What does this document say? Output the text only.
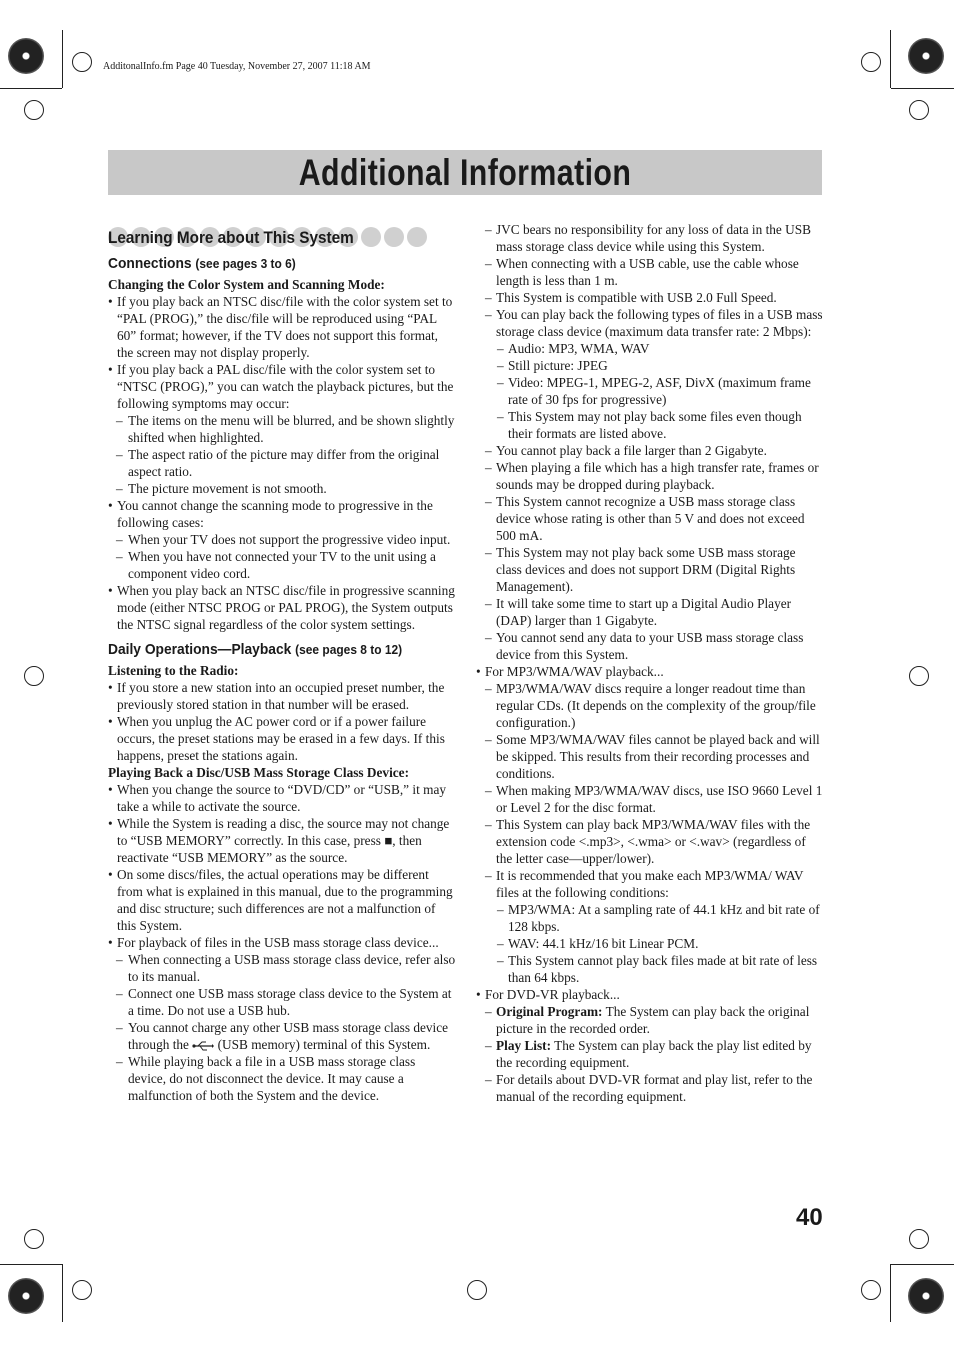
AdditonalInfo.fm Page 40 Tuesday, November 27, 2007 11:18 AM
Additional Information
Learning More about This System
Connections (see pages 3 to 6)

Changing the Color System and Scanning Mode:

• If you play back an NTSC disc/file with the color system set to “PAL (PROG),” the disc/file will be reproduced using “PAL 60” format; however, if the TV does not support this format, the screen may not display properly.

• If you play back a PAL disc/file with the color system set to “NTSC (PROG),” you can watch the playback pictures, but the following symptoms may occur:

– The items on the menu will be blurred, and be shown slightly shifted when highlighted.

– The aspect ratio of the picture may differ from the original aspect ratio.

– The picture movement is not smooth.

• You cannot change the scanning mode to progressive in the following cases:

– When your TV does not support the progressive video input.

– When you have not connected your TV to the unit using a component video cord.

• When you play back an NTSC disc/file in progressive scanning mode (either NTSC PROG or PAL PROG), the System outputs the NTSC signal regardless of the color system settings.

Daily Operations—Playback (see pages 8 to 12)

Listening to the Radio:

• If you store a new station into an occupied preset number, the previously stored station in that number will be erased.

• When you unplug the AC power cord or if a power failure occurs, the preset stations may be erased in a few days. If this happens, preset the stations again.

Playing Back a Disc/USB Mass Storage Class Device:

• When you change the source to “DVD/CD” or “USB,” it may take a while to activate the source.

• While the System is reading a disc, the source may not change to “USB MEMORY” correctly. In this case, press ■, then reactivate “USB MEMORY” as the source.

• On some discs/files, the actual operations may be different from what is explained in this manual, due to the programming and disc structure; such differences are not a malfunction of this System.

• For playback of files in the USB mass storage class device...

– When connecting a USB mass storage class device, refer also to its manual.

– Connect one USB mass storage class device to the System at a time. Do not use a USB hub.

– You cannot charge any other USB mass storage class device through the (USB memory) terminal of this System.

– While playing back a file in a USB mass storage class device, do not disconnect the device. It may cause a malfunction of both the System and the device.

– JVC bears no responsibility for any loss of data in the USB mass storage class device while using this System.

– When connecting with a USB cable, use the cable whose length is less than 1 m.

– This System is compatible with USB 2.0 Full Speed.

– You can play back the following types of files in a USB mass storage class device (maximum data transfer rate: 2 Mbps):

– Audio: MP3, WMA, WAV

– Still picture: JPEG

– Video: MPEG-1, MPEG-2, ASF, DivX (maximum frame rate of 30 fps for progressive)

– This System may not play back some files even though their formats are listed above.

– You cannot play back a file larger than 2 Gigabyte.

– When playing a file which has a high transfer rate, frames or sounds may be dropped during playback.

– This System cannot recognize a USB mass storage class device whose rating is other than 5 V and does not exceed 500 mA.

– This System may not play back some USB mass storage class devices and does not support DRM (Digital Rights Management).

– It will take some time to start up a Digital Audio Player (DAP) larger than 1 Gigabyte.

– You cannot send any data to your USB mass storage class device from this System.

• For MP3/WMA/WAV playback...

– MP3/WMA/WAV discs require a longer readout time than regular CDs. (It depends on the complexity of the group/file configuration.)

– Some MP3/WMA/WAV files cannot be played back and will be skipped. This results from their recording processes and conditions.

– When making MP3/WMA/WAV discs, use ISO 9660 Level 1 or Level 2 for the disc format.

– This System can play back MP3/WMA/WAV files with the extension code <.mp3>, <.wma> or <.wav> (regardless of the letter case—upper/lower).

– It is recommended that you make each MP3/WMA/ WAV files at the following conditions:

– MP3/WMA: At a sampling rate of 44.1 kHz and bit rate of 128 kbps.

– WAV: 44.1 kHz/16 bit Linear PCM.

– This System cannot play back files made at bit rate of less than 64 kbps.

• For DVD-VR playback...

– Original Program: The System can play back the original picture in the recorded order.

– Play List: The System can play back the play list edited by the recording equipment.

– For details about DVD-VR format and play list, refer to the manual of the recording equipment.

40
